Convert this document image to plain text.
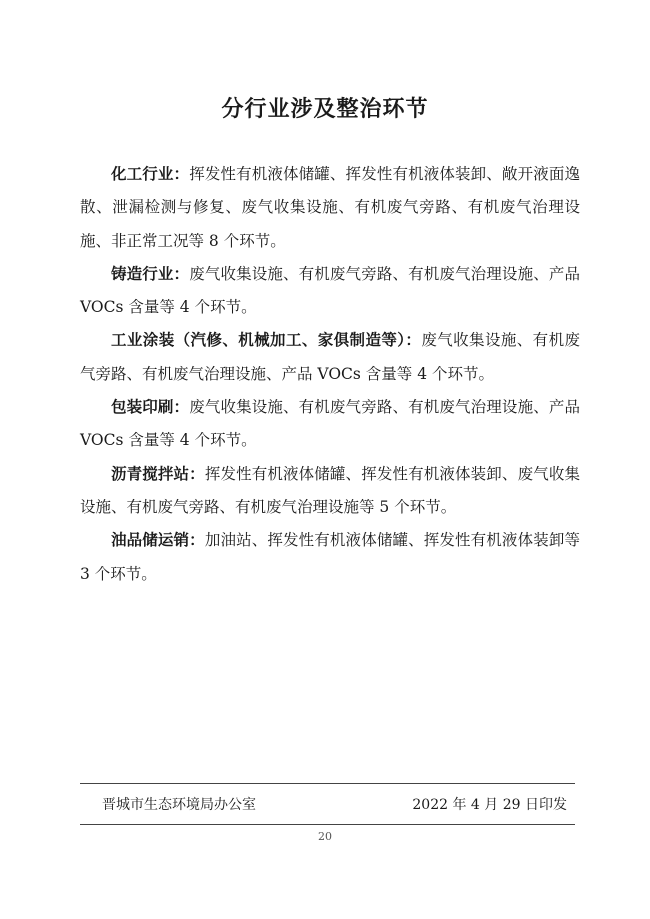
分行业涉及整治环节

化工行业：挥发性有机液体储罐、挥发性有机液体装卸、敞开液面逸散、泄漏检测与修复、废气收集设施、有机废气旁路、有机废气治理设施、非正常工况等 8 个环节。

铸造行业：废气收集设施、有机废气旁路、有机废气治理设施、产品 VOCs 含量等 4 个环节。

工业涂装（汽修、机械加工、家俱制造等）：废气收集设施、有机废气旁路、有机废气治理设施、产品 VOCs 含量等 4 个环节。

包装印刷：废气收集设施、有机废气旁路、有机废气治理设施、产品 VOCs 含量等 4 个环节。

沥青搅拌站：挥发性有机液体储罐、挥发性有机液体装卸、废气收集设施、有机废气旁路、有机废气治理设施等 5 个环节。

油品储运销：加油站、挥发性有机液体储罐、挥发性有机液体装卸等 3 个环节。

晋城市生态环境局办公室	2022 年 4 月 29 日印发
20
